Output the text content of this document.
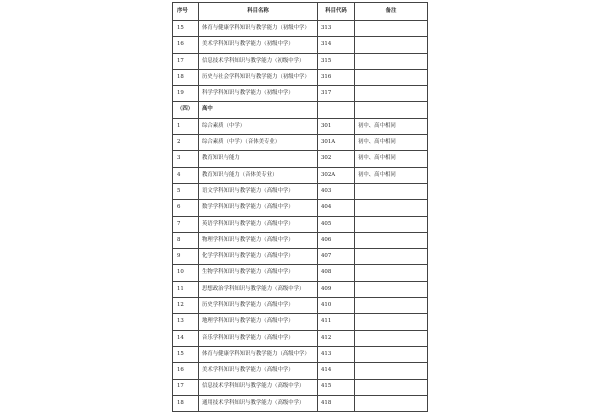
序号	科目名称	科目代码	备注
15	体育与健康学科知识与教学能力（初级中学）	313	
16	美术学科知识与教学能力（初级中学）	314	
17	信息技术学科知识与教学能力（初级中学）	315	
18	历史与社会学科知识与教学能力（初级中学）	316	
19	科学学科知识与教学能力（初级中学）	317	
（四）	高中		
1	综合素质（中学）	301	初中、高中相同
2	综合素质（中学）（音体美专业）	301A	初中、高中相同
3	教育知识与能力	302	初中、高中相同
4	教育知识与能力（音体美专业）	302A	初中、高中相同
5	语文学科知识与教学能力（高级中学）	403	
6	数学学科知识与教学能力（高级中学）	404	
7	英语学科知识与教学能力（高级中学）	405	
8	物理学科知识与教学能力（高级中学）	406	
9	化学学科知识与教学能力（高级中学）	407	
10	生物学科知识与教学能力（高级中学）	408	
11	思想政治学科知识与教学能力（高级中学）	409	
12	历史学科知识与教学能力（高级中学）	410	
13	地理学科知识与教学能力（高级中学）	411	
14	音乐学科知识与教学能力（高级中学）	412	
15	体育与健康学科知识与教学能力（高级中学）	413	
16	美术学科知识与教学能力（高级中学）	414	
17	信息技术学科知识与教学能力（高级中学）	415	
18	通用技术学科知识与教学能力（高级中学）	418	
